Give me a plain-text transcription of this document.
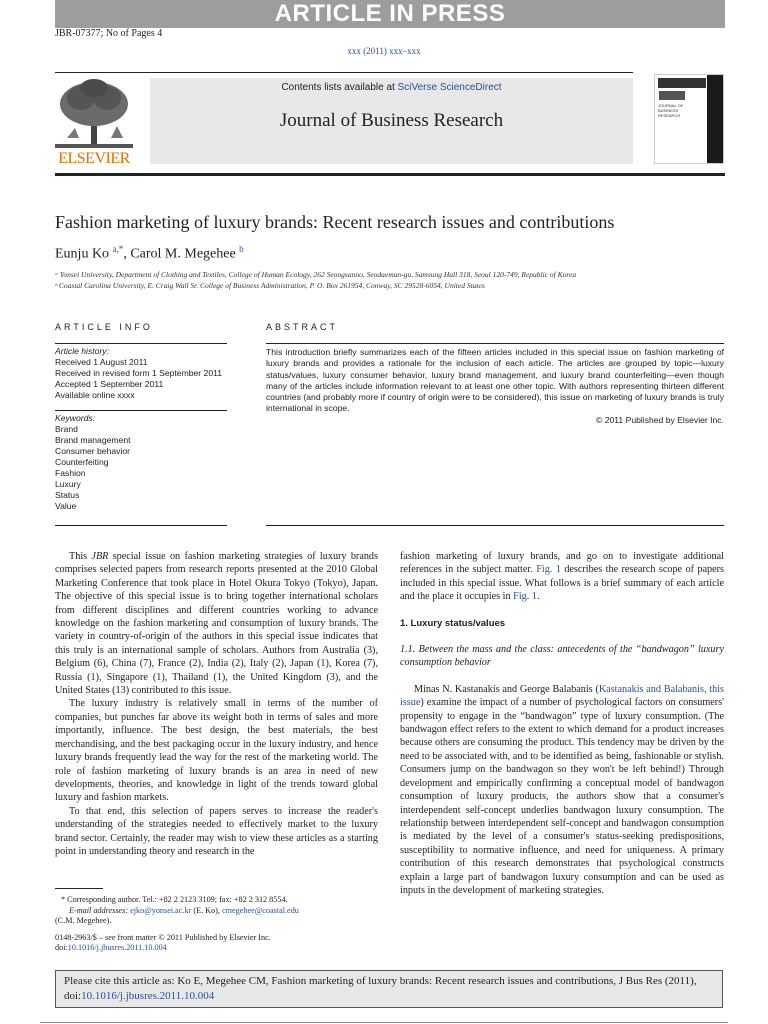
ARTICLE IN PRESS
JBR-07377; No of Pages 4
xxx (2011) xxx–xxx
ELSEVIER
Contents lists available at SciVerse ScienceDirect
Journal of Business Research
JOURNAL OF BUSINESS RESEARCH
Fashion marketing of luxury brands: Recent research issues and contributions
Eunju Ko $^{a,*}$, Carol M. Megehee $^b$
ᵃ Yonsei University, Department of Clothing and Textiles, College of Human Ecology, 262 Seongsanno, Seodaemun-gu, Samsung Hall 318, Seoul 120-749, Republic of Korea
ᵇ Coastal Carolina University, E. Craig Wall Sr. College of Business Administration, P. O. Box 261954, Conway, SC 29528-6054, United States
ARTICLE INFO
Article history:
Received 1 August 2011
Received in revised form 1 September 2011
Accepted 1 September 2011
Available online xxxx
Keywords:
Brand
Brand management
Consumer behavior
Counterfeiting
Fashion
Luxury
Status
Value
ABSTRACT
This introduction briefly summarizes each of the fifteen articles included in this special issue on fashion marketing of luxury brands and provides a rationale for the inclusion of each article. The articles are grouped by topic—luxury status/values, luxury consumer behavior, luxury brand management, and luxury brand counterfeiting—even though many of the articles include information relevant to at least one other topic. With authors representing thirteen different countries (and probably more if country of origin were to be considered), this issue on marketing of luxury brands is truly international in scope.
© 2011 Published by Elsevier Inc.

This JBR special issue on fashion marketing strategies of luxury brands comprises selected papers from research reports presented at the 2010 Global Marketing Conference that took place in Hotel Okura Tokyo (Tokyo), Japan. The objective of this special issue is to bring together international scholars from different disciplines and different countries working to advance knowledge on the fashion marketing and consumption of luxury brands. The variety in country-of-origin of the authors in this special issue indicates that this truly is an international sample of scholars. Authors from Australia (3), Belgium (6), China (7), France (2), India (2), Italy (2), Japan (1), Korea (7), Russia (1), Singapore (1), Thailand (1), the United Kingdom (3), and the United States (13) contributed to this issue.

The luxury industry is relatively small in terms of the number of companies, but punches far above its weight both in terms of sales and more importantly, influence. The best design, the best materials, the best merchandising, and the best packaging occur in the luxury industry, and hence luxury brands frequently lead the way for the rest of the marketing world. The role of fashion marketing of luxury brands is an area in need of new developments, theories, and knowledge in light of the trends toward global luxury and fashion markets.

To that end, this selection of papers serves to increase the reader's understanding of the strategies needed to effectively market to the luxury brand sector. Certainly, the reader may wish to view these articles as a starting point in understanding theory and research in the

* Corresponding author. Tel.: +82 2 2123 3109; fax: +82 2 312 8554.
E-mail addresses: ejko@yonsei.ac.kr (E. Ko), cmegehee@coastal.edu
(C.M. Megehee).
0148-2963/$ – see front matter © 2011 Published by Elsevier Inc.
doi:10.1016/j.jbusres.2011.10.004

fashion marketing of luxury brands, and go on to investigate additional references in the subject matter. Fig. 1 describes the research scope of papers included in this special issue. What follows is a brief summary of each article and the place it occupies in Fig. 1.

1. Luxury status/values

1.1. Between the mass and the class: antecedents of the “bandwagon” luxury consumption behavior

Minas N. Kastanakis and George Balabanis (Kastanakis and Balabanis, this issue) examine the impact of a number of psychological factors on consumers' propensity to engage in the “bandwagon” type of luxury consumption. (The bandwagon effect refers to the extent to which demand for a product increases because others are consuming the product. This tendency may be driven by the need to be associated with, and to be identified as being, fashionable or stylish. Consumers jump on the bandwagon so they won't be left behind!) Through development and empirically confirming a conceptual model of bandwagon consumption of luxury products, the authors show that a consumer's interdependent self-concept underlies bandwagon luxury consumption. The relationship between interdependent self-concept and bandwagon consumption is mediated by the level of a consumer's status-seeking predispositions, susceptibility to normative influence, and need for uniqueness. A primary contribution of this research demonstrates that psychological constructs explain a large part of bandwagon luxury consumption and can be used as inputs in the development of marketing strategies.

Please cite this article as: Ko E, Megehee CM, Fashion marketing of luxury brands: Recent research issues and contributions, J Bus Res (2011), doi:10.1016/j.jbusres.2011.10.004
